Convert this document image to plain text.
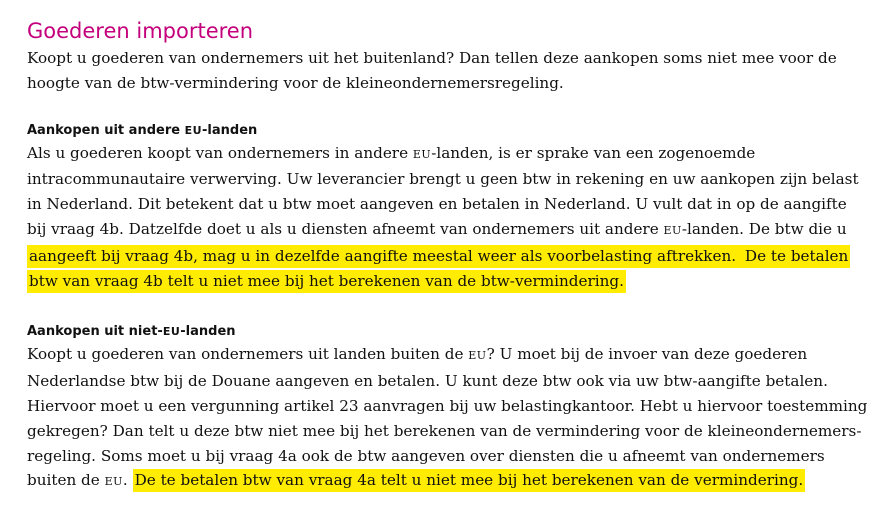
Goederen importeren

Koopt u goederen van ondernemers uit het buitenland? Dan tellen deze aankopen soms niet mee voor de
hoogte van de btw-vermindering voor de kleineondernemersregeling.

Aankopen uit andere EU-landen

Als u goederen koopt van ondernemers in andere EU-landen, is er sprake van een zogenoemde
intracommunautaire verwerving. Uw leverancier brengt u geen btw in rekening en uw aankopen zijn belast
in Nederland. Dit betekent dat u btw moet aangeven en betalen in Nederland. U vult dat in op de aangifte
bij vraag 4b. Datzelfde doet u als u diensten afneemt van ondernemers uit andere EU-landen. De btw die u
aangeeft bij vraag 4b, mag u in dezelfde aangifte meestal weer als voorbelasting aftrekken. De te betalen
btw van vraag 4b telt u niet mee bij het berekenen van de btw-vermindering.

Aankopen uit niet-EU-landen

Koopt u goederen van ondernemers uit landen buiten de EU? U moet bij de invoer van deze goederen
Nederlandse btw bij de Douane aangeven en betalen. U kunt deze btw ook via uw btw-aangifte betalen.
Hiervoor moet u een vergunning artikel 23 aanvragen bij uw belastingkantoor. Hebt u hiervoor toestemming
gekregen? Dan telt u deze btw niet mee bij het berekenen van de vermindering voor de kleineondernemers-
regeling. Soms moet u bij vraag 4a ook de btw aangeven over diensten die u afneemt van ondernemers
buiten de EU. De te betalen btw van vraag 4a telt u niet mee bij het berekenen van de vermindering.
